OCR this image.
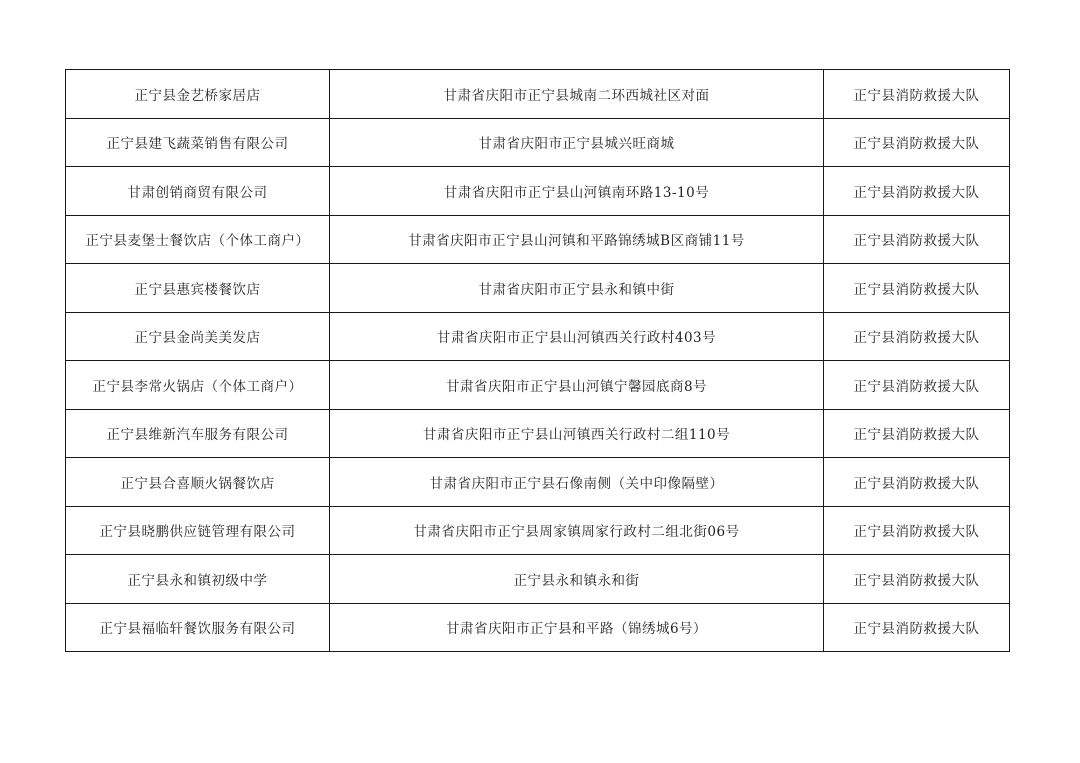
正宁县金艺桥家居店	甘肃省庆阳市正宁县城南二环西城社区对面	正宁县消防救援大队
正宁县建飞蔬菜销售有限公司	甘肃省庆阳市正宁县城兴旺商城	正宁县消防救援大队
甘肃创销商贸有限公司	甘肃省庆阳市正宁县山河镇南环路13-10号	正宁县消防救援大队
正宁县麦堡士餐饮店（个体工商户）	甘肃省庆阳市正宁县山河镇和平路锦绣城B区商铺11号	正宁县消防救援大队
正宁县惠宾楼餐饮店	甘肃省庆阳市正宁县永和镇中街	正宁县消防救援大队
正宁县金尚美美发店	甘肃省庆阳市正宁县山河镇西关行政村403号	正宁县消防救援大队
正宁县李常火锅店（个体工商户）	甘肃省庆阳市正宁县山河镇宁馨园底商8号	正宁县消防救援大队
正宁县维新汽车服务有限公司	甘肃省庆阳市正宁县山河镇西关行政村二组110号	正宁县消防救援大队
正宁县合喜顺火锅餐饮店	甘肃省庆阳市正宁县石像南侧（关中印像隔壁）	正宁县消防救援大队
正宁县晓鹏供应链管理有限公司	甘肃省庆阳市正宁县周家镇周家行政村二组北街06号	正宁县消防救援大队
正宁县永和镇初级中学	正宁县永和镇永和街	正宁县消防救援大队
正宁县福临轩餐饮服务有限公司	甘肃省庆阳市正宁县和平路（锦绣城6号）	正宁县消防救援大队
